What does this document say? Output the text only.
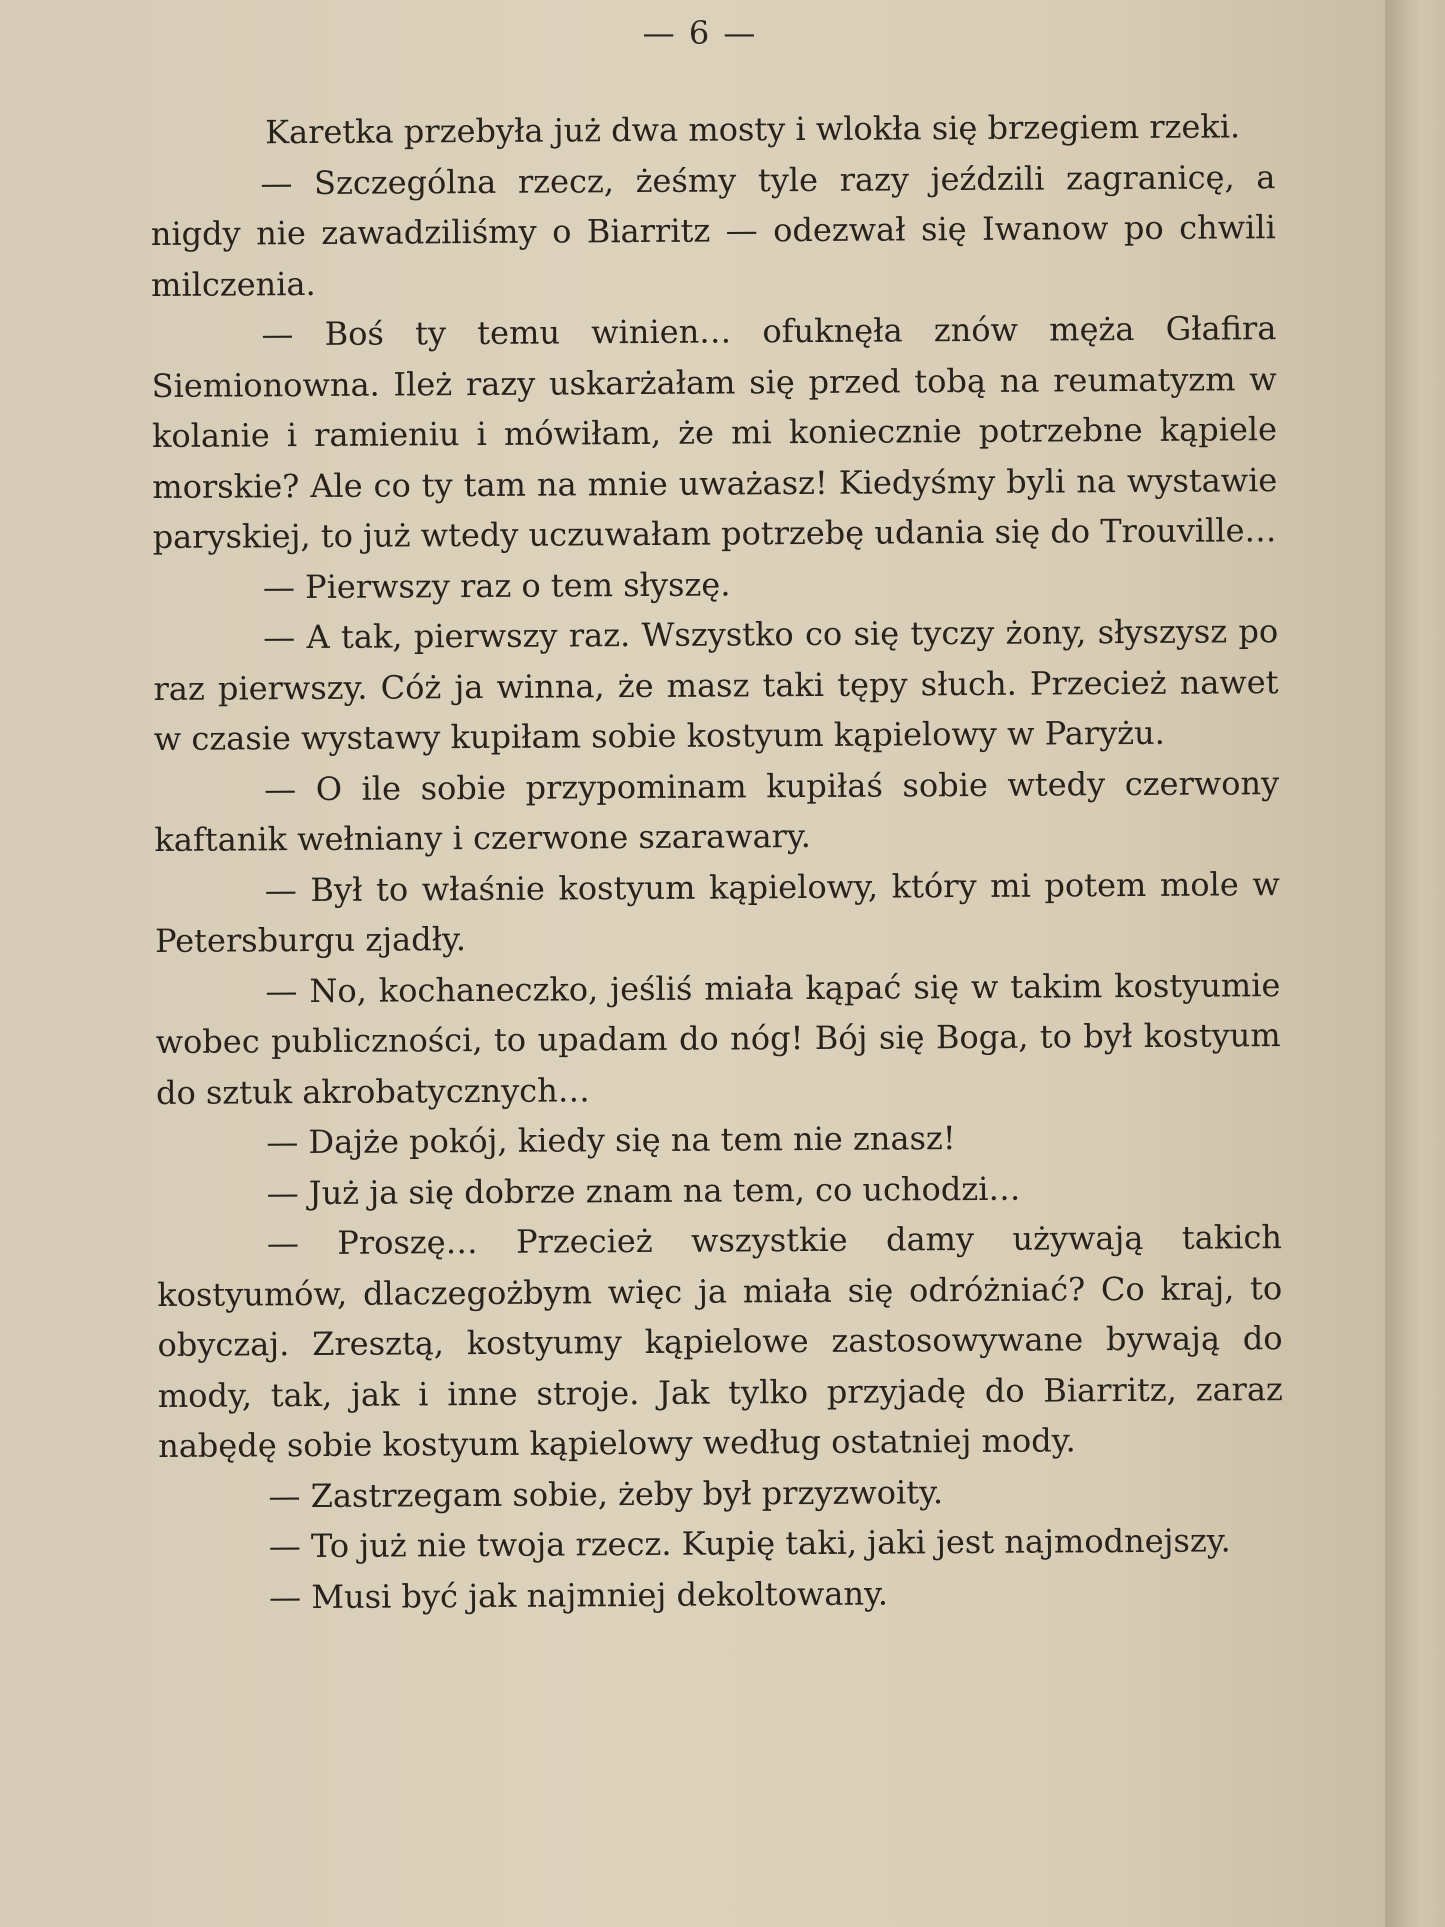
— 6 —

Karetka przebyła już dwa mosty i wlokła się brzegiem rzeki.

— Szczególna rzecz, żeśmy tyle razy jeździli zagranicę, a nigdy nie zawadziliśmy o Biarritz — odezwał się Iwanow po chwili milczenia.

— Boś ty temu winien… ofuknęła znów męża Głafira Siemionowna. Ileż razy uskarżałam się przed tobą na reumatyzm w kolanie i ramieniu i mówiłam, że mi koniecznie potrzebne kąpiele morskie? Ale co ty tam na mnie uważasz! Kiedyśmy byli na wystawie paryskiej, to już wtedy uczuwałam potrzebę udania się do Trouville…

— Pierwszy raz o tem słyszę.

— A tak, pierwszy raz. Wszystko co się tyczy żony, słyszysz po raz pierwszy. Cóż ja winna, że masz taki tępy słuch. Przecież nawet w czasie wystawy kupiłam sobie kostyum kąpielowy w Paryżu.

— O ile sobie przypominam kupiłaś sobie wtedy czerwony kaftanik wełniany i czerwone szarawary.

— Był to właśnie kostyum kąpielowy, który mi potem mole w Petersburgu zjadły.

— No, kochaneczko, jeśliś miała kąpać się w takim kostyumie wobec publiczności, to upadam do nóg! Bój się Boga, to był kostyum do sztuk akrobatycznych…

— Dajże pokój, kiedy się na tem nie znasz!

— Już ja się dobrze znam na tem, co uchodzi…

— Proszę… Przecież wszystkie damy używają takich kostyumów, dlaczegożbym więc ja miała się odróżniać? Co kraj, to obyczaj. Zresztą, kostyumy kąpielowe zastosowywane bywają do mody, tak, jak i inne stroje. Jak tylko przyjadę do Biarritz, zaraz nabędę sobie kostyum kąpielowy według ostatniej mody.

— Zastrzegam sobie, żeby był przyzwoity.

— To już nie twoja rzecz. Kupię taki, jaki jest najmodnejszy.

— Musi być jak najmniej dekoltowany.
